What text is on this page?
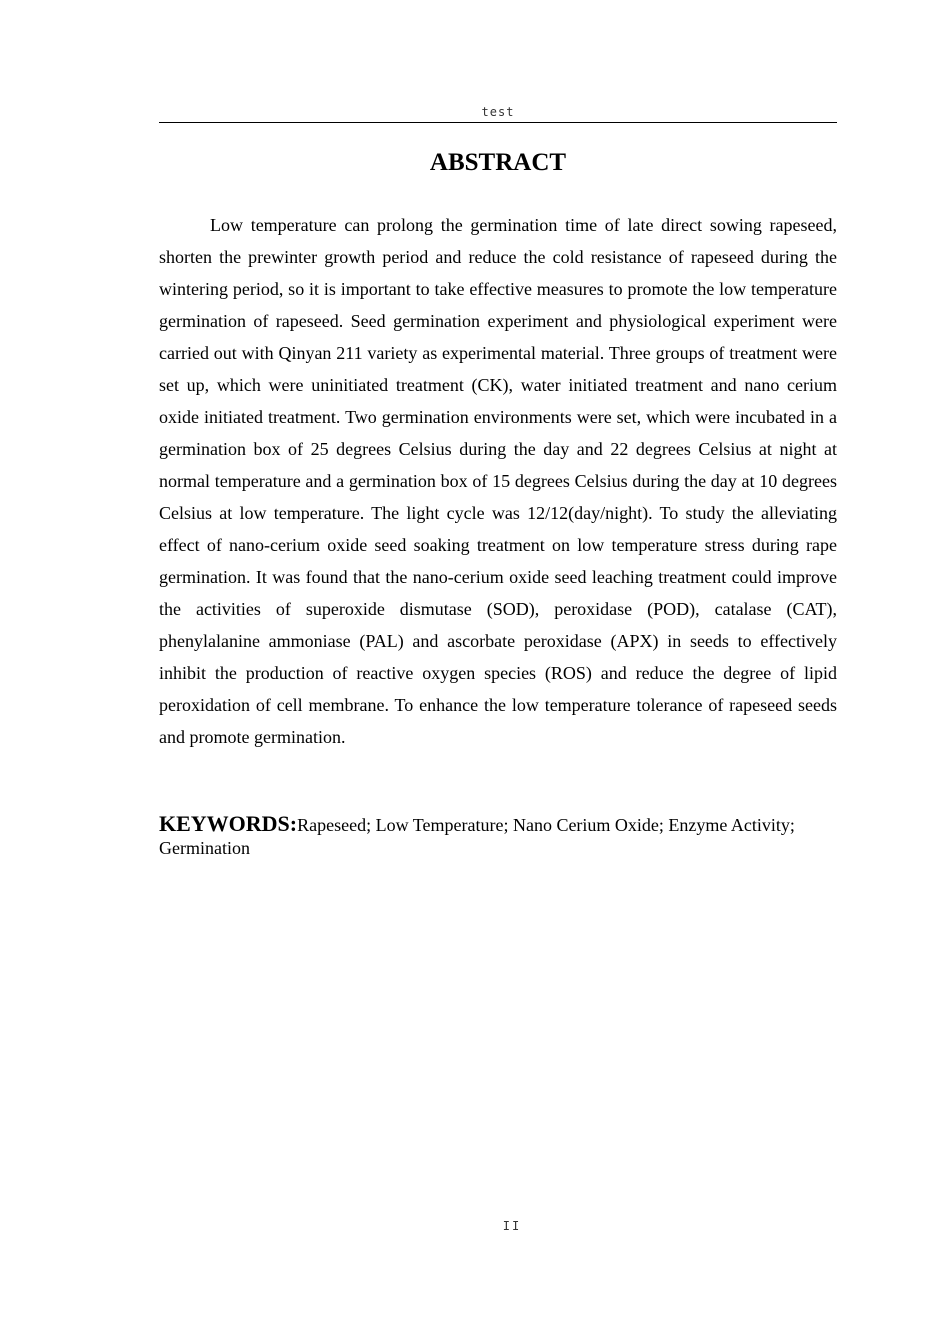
test
ABSTRACT

Low temperature can prolong the germination time of late direct sowing rapeseed, shorten the prewinter growth period and reduce the cold resistance of rapeseed during the wintering period, so it is important to take effective measures to promote the low temperature germination of rapeseed. Seed germination experiment and physiological experiment were carried out with Qinyan 211 variety as experimental material. Three groups of treatment were set up, which were uninitiated treatment (CK), water initiated treatment and nano cerium oxide initiated treatment. Two germination environments were set, which were incubated in a germination box of 25 degrees Celsius during the day and 22 degrees Celsius at night at normal temperature and a germination box of 15 degrees Celsius during the day at 10 degrees Celsius at low temperature. The light cycle was 12/12(day/night). To study the alleviating effect of nano-cerium oxide seed soaking treatment on low temperature stress during rape germination. It was found that the nano-cerium oxide seed leaching treatment could improve the activities of superoxide dismutase (SOD), peroxidase (POD), catalase (CAT), phenylalanine ammoniase (PAL) and ascorbate peroxidase (APX) in seeds to effectively inhibit the production of reactive oxygen species (ROS) and reduce the degree of lipid peroxidation of cell membrane. To enhance the low temperature tolerance of rapeseed seeds and promote germination.

KEYWORDS:Rapeseed; Low Temperature; Nano Cerium Oxide; Enzyme Activity; Germination

II
